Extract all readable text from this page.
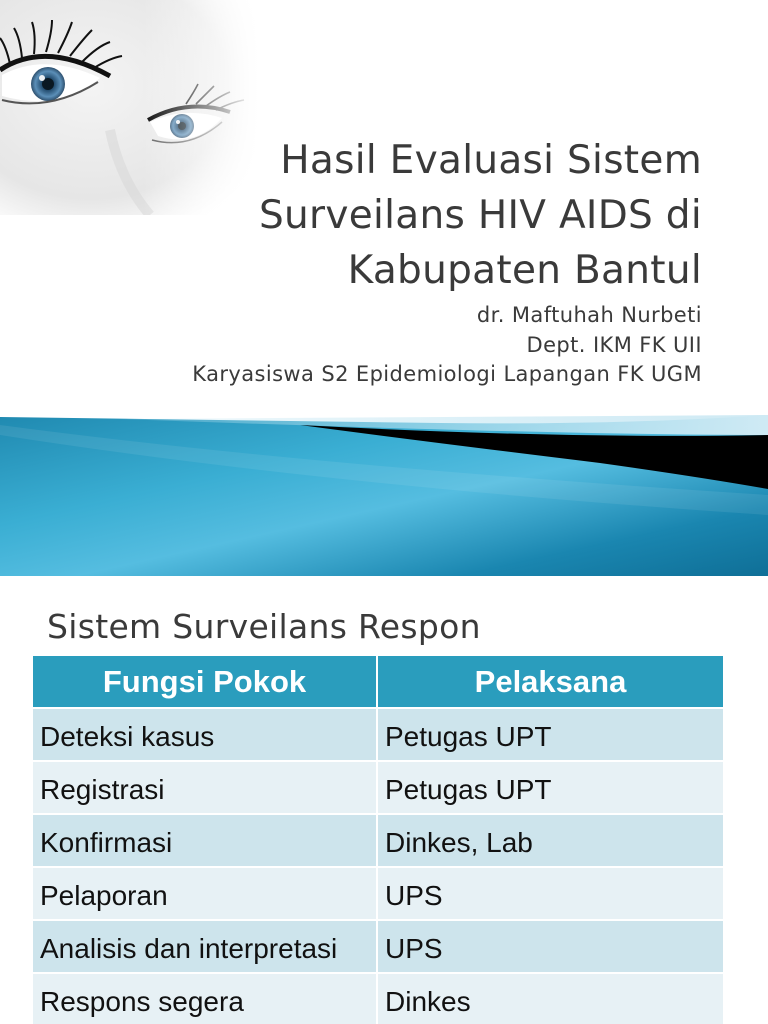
Hasil Evaluasi Sistem
Surveilans HIV AIDS di
Kabupaten Bantul
dr. Maftuhah Nurbeti
Dept. IKM FK UII
Karyasiswa S2 Epidemiologi Lapangan FK UGM
Sistem Surveilans Respon
Fungsi Pokok	Pelaksana
Deteksi kasus	Petugas UPT
Registrasi	Petugas UPT
Konfirmasi	Dinkes, Lab
Pelaporan	UPS
Analisis dan interpretasi	UPS
Respons segera	Dinkes
